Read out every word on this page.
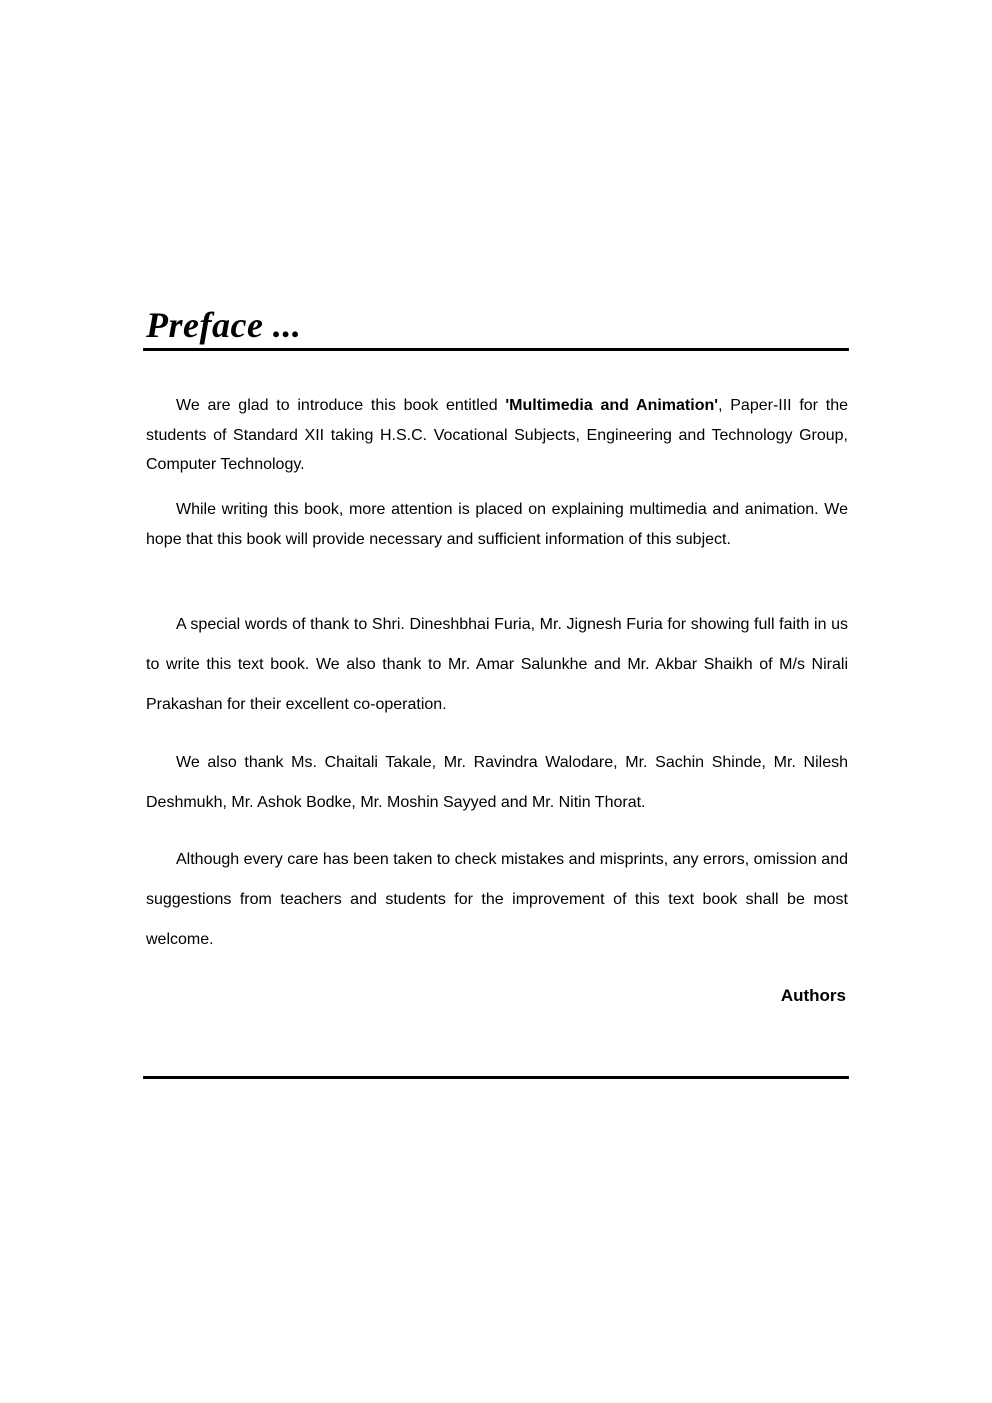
Preface ...
We are glad to introduce this book entitled 'Multimedia and Animation', Paper-III for the students of Standard XII taking H.S.C. Vocational Subjects, Engineering and Technology Group, Computer Technology.
While writing this book, more attention is placed on explaining multimedia and animation. We hope that this book will provide necessary and sufficient information of this subject.
A special words of thank to Shri. Dineshbhai Furia, Mr. Jignesh Furia for showing full faith in us to write this text book. We also thank to Mr. Amar Salunkhe and Mr. Akbar Shaikh of M/s Nirali Prakashan for their excellent co-operation.
We also thank Ms. Chaitali Takale, Mr. Ravindra Walodare, Mr. Sachin Shinde, Mr. Nilesh Deshmukh, Mr. Ashok Bodke, Mr. Moshin Sayyed and Mr. Nitin Thorat.
Although every care has been taken to check mistakes and misprints, any errors, omission and suggestions from teachers and students for the improvement of this text book shall be most welcome.
Authors
